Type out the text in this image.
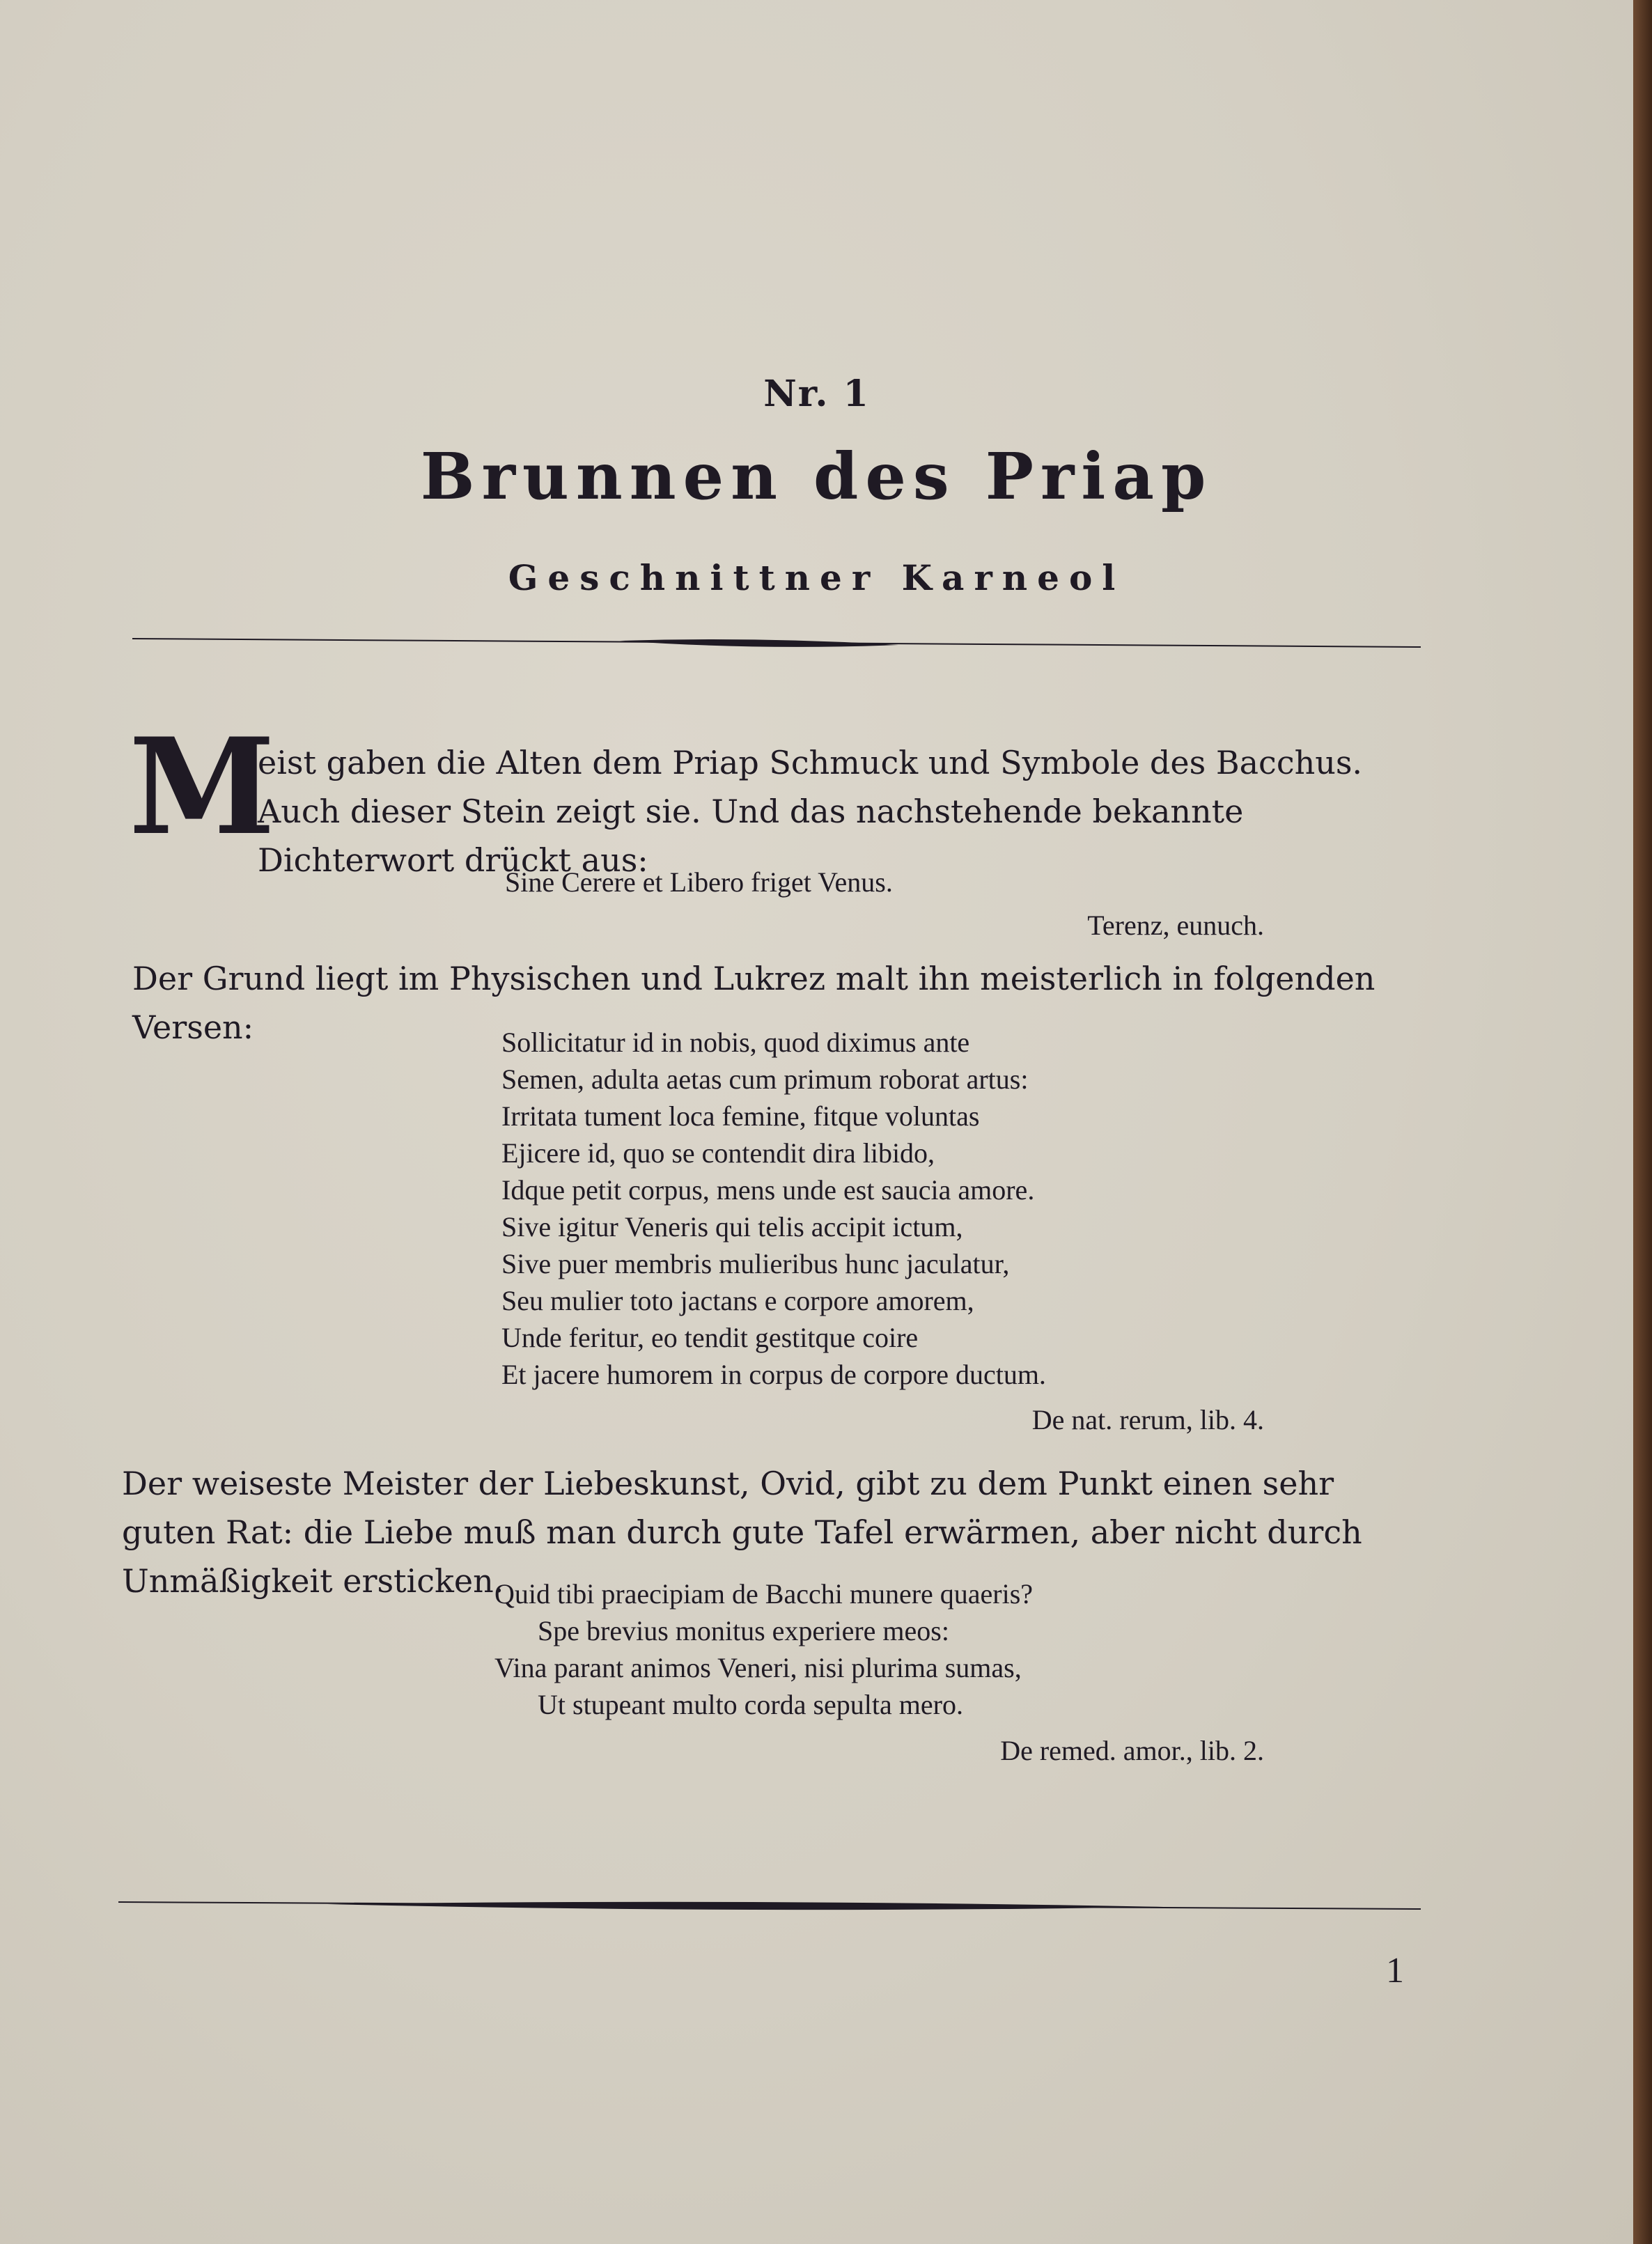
Nr. 1
Brunnen des Priap
Geschnittner Karneol
M
eist gaben die Alten dem Priap Schmuck und Symbole des Bacchus. Auch dieser Stein zeigt sie. Und das nachstehende bekannte Dichterwort drückt aus:
Sine Cerere et Libero friget Venus.
Terenz, eunuch.
Der Grund liegt im Physischen und Lukrez malt ihn meisterlich in folgenden Versen:	Sollicitatur id in nobis, quod diximus ante
Semen, adulta aetas cum primum roborat artus:
Irritata tument loca femine, fitque voluntas
Ejicere id, quo se contendit dira libido,
Idque petit corpus, mens unde est saucia amore.
Sive igitur Veneris qui telis accipit ictum,
Sive puer membris mulieribus hunc jaculatur,
Seu mulier toto jactans e corpore amorem,
Unde feritur, eo tendit gestitque coire
Et jacere humorem in corpus de corpore ductum.
De nat. rerum, lib. 4.
Der weiseste Meister der Liebeskunst, Ovid, gibt zu dem Punkt einen sehr guten Rat: die Liebe muß man durch gute Tafel erwärmen, aber nicht durch Unmäßigkeit ersticken.
Quid tibi praecipiam de Bacchi munere quaeris?
Spe brevius monitus experiere meos:
Vina parant animos Veneri, nisi plurima sumas,
Ut stupeant multo corda sepulta mero.
De remed. amor., lib. 2.
1
